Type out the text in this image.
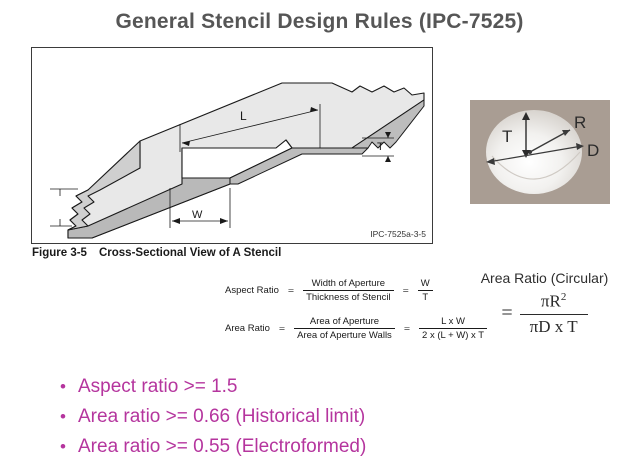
General Stencil Design Rules (IPC-7525)
L
W
T
IPC-7525a-3-5
Figure 3-5 Cross-Sectional View of A Stencil
R
T
D
Aspect Ratio = $\frac{\text{Width of Aperture}}{\text{Thickness of Stencil}} = \frac{W}{T}$
Area Ratio = $\frac{\text{Area of Aperture}}{\text{Area of Aperture Walls}} = \frac{\text{L x W}}{\text{2 x (L + W) x T}}$
Area Ratio (Circular)
= $\frac{\pi R^2}{\text{πD x T}}$
• Aspect ratio >= 1.5
• Area ratio >= 0.66 (Historical limit)
• Area ratio >= 0.55 (Electroformed)
